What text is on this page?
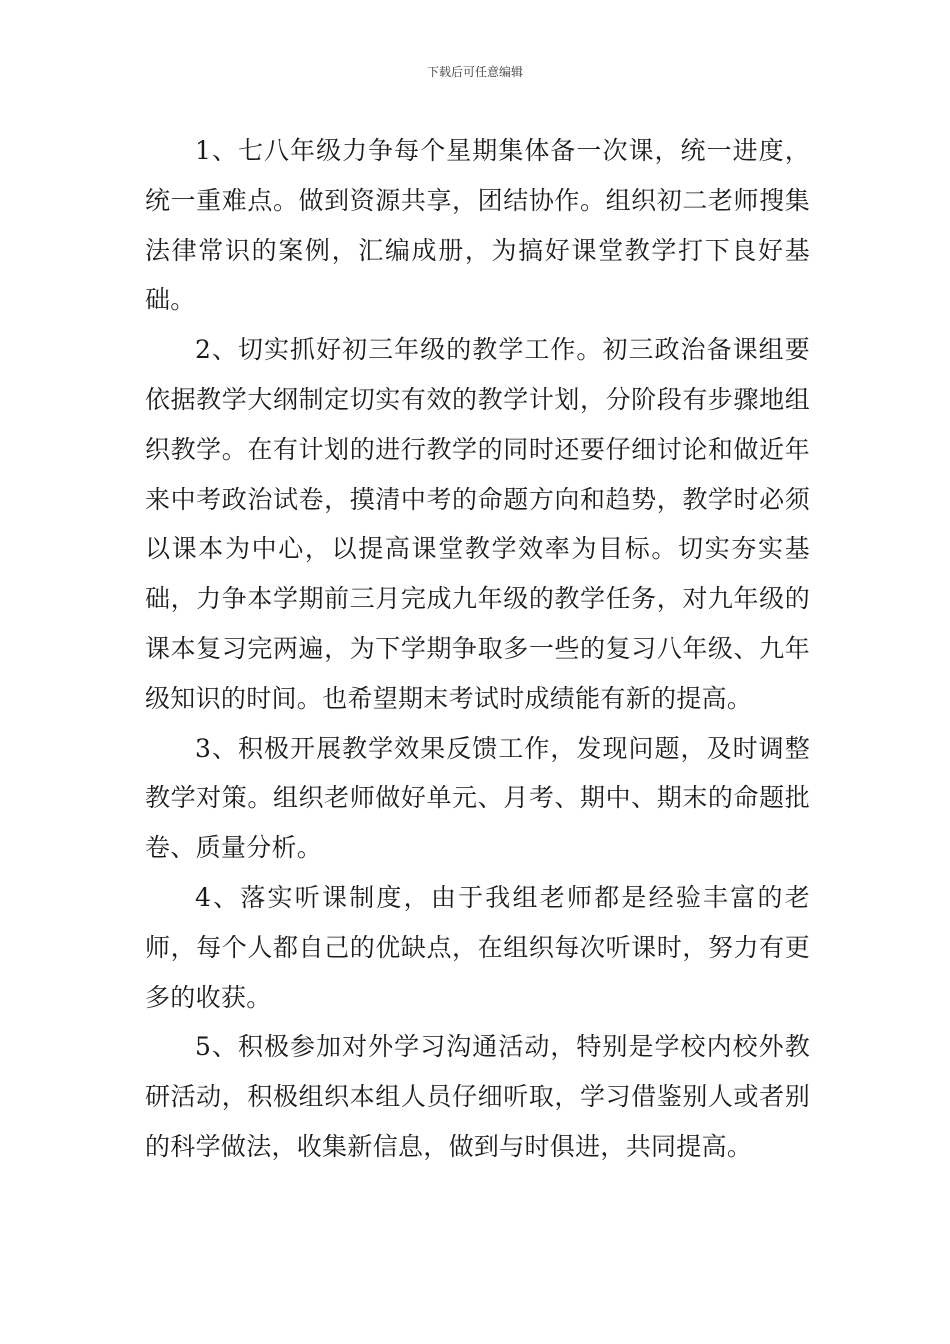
下载后可任意编辑

1、七八年级力争每个星期集体备一次课，统一进度，统一重难点。做到资源共享，团结协作。组织初二老师搜集法律常识的案例，汇编成册，为搞好课堂教学打下良好基础。

2、切实抓好初三年级的教学工作。初三政治备课组要依据教学大纲制定切实有效的教学计划，分阶段有步骤地组织教学。在有计划的进行教学的同时还要仔细讨论和做近年来中考政治试卷，摸清中考的命题方向和趋势，教学时必须以课本为中心，以提高课堂教学效率为目标。切实夯实基础，力争本学期前三月完成九年级的教学任务，对九年级的课本复习完两遍，为下学期争取多一些的复习八年级、九年级知识的时间。也希望期末考试时成绩能有新的提高。

3、积极开展教学效果反馈工作，发现问题，及时调整教学对策。组织老师做好单元、月考、期中、期末的命题批卷、质量分析。

4、落实听课制度，由于我组老师都是经验丰富的老师，每个人都自己的优缺点，在组织每次听课时，努力有更多的收获。

5、积极参加对外学习沟通活动，特别是学校内校外教研活动，积极组织本组人员仔细听取，学习借鉴别人或者别的科学做法，收集新信息，做到与时俱进，共同提高。
